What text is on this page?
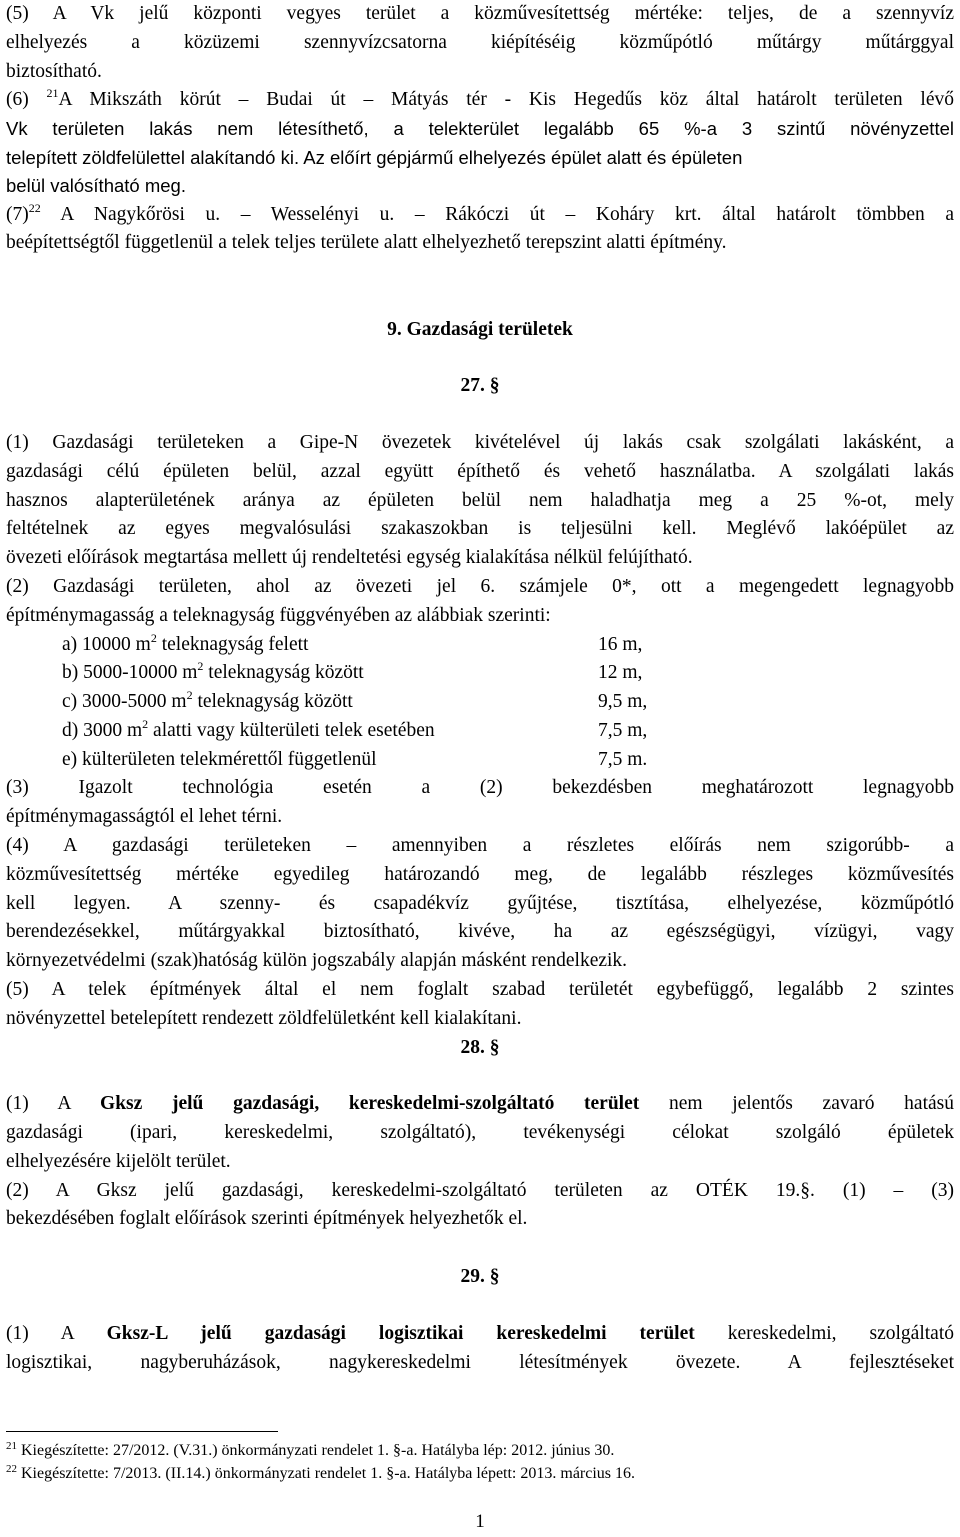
(5) A Vk jelű központi vegyes terület a közművesítettség mértéke: teljes, de a szennyvíz
elhelyezés a közüzemi szennyvízcsatorna kiépítéséig közműpótló műtárgy műtárggyal
biztosítható.
(6) $^{21}$A Mikszáth körút – Budai út – Mátyás tér - Kis Hegedűs köz által határolt területen lévő
Vk területen lakás nem létesíthető, a telekterület legalább 65 %-a 3 szintű növényzettel
telepített zöldfelülettel alakítandó ki. Az előírt gépjármű elhelyezés épület alatt és épületen
belül valósítható meg.
$(7)^{22}$ A Nagykőrösi u. – Wesselényi u. – Rákóczi út – Koháry krt. által határolt tömbben a
beépítettségtől függetlenül a telek teljes területe alatt elhelyezhető terepszint alatti építmény.
9. Gazdasági területek
27. §
(1) Gazdasági területeken a Gipe-N övezetek kivételével új lakás csak szolgálati lakásként, a
gazdasági célú épületen belül, azzal együtt építhető és vehető használatba. A szolgálati lakás
hasznos alapterületének aránya az épületen belül nem haladhatja meg a 25 %-ot, mely
feltételnek az egyes megvalósulási szakaszokban is teljesülni kell. Meglévő lakóépület az
övezeti előírások megtartása mellett új rendeltetési egység kialakítása nélkül felújítható.
(2) Gazdasági területen, ahol az övezeti jel 6. számjele 0*, ott a megengedett legnagyobb
építménymagasság a teleknagyság függvényében az alábbiak szerinti:
a) 10000 $m^2$ teleknagyság felett	16 m,
b) 5000-10000 $m^2$ teleknagyság között	12 m,
c) 3000-5000 $m^2$ teleknagyság között	9,5 m,
d) 3000 $m^2$ alatti vagy külterületi telek esetében	7,5 m,
e) külterületen telekmérettől függetlenül	7,5 m.
(3) Igazolt technológia esetén a (2) bekezdésben meghatározott legnagyobb
építménymagasságtól el lehet térni.
(4) A gazdasági területeken – amennyiben a részletes előírás nem szigorúbb- a
közművesítettség mértéke egyedileg határozandó meg, de legalább részleges közművesítés
kell legyen. A szenny- és csapadékvíz gyűjtése, tisztítása, elhelyezése, közműpótló
berendezésekkel, műtárgyakkal biztosítható, kivéve, ha az egészségügyi, vízügyi, vagy
környezetvédelmi (szak)hatóság külön jogszabály alapján másként rendelkezik.
(5) A telek építmények által el nem foglalt szabad területét egybefüggő, legalább 2 szintes
növényzettel betelepített rendezett zöldfelületként kell kialakítani.
28. §
(1) A Gksz jelű gazdasági, kereskedelmi-szolgáltató terület nem jelentős zavaró hatású
gazdasági (ipari, kereskedelmi, szolgáltató), tevékenységi célokat szolgáló épületek
elhelyezésére kijelölt terület.
(2) A Gksz jelű gazdasági, kereskedelmi-szolgáltató területen az OTÉK 19.§. (1) – (3)
bekezdésében foglalt előírások szerinti építmények helyezhetők el.
29. §
(1) A Gksz-L jelű gazdasági logisztikai kereskedelmi terület kereskedelmi, szolgáltató
logisztikai, nagyberuházások, nagykereskedelmi létesítmények övezete. A fejlesztéseket
$^{21}$ Kiegészítette: 27/2012. (V.31.) önkormányzati rendelet 1. §-a. Hatályba lép: 2012. június 30.
$^{22}$ Kiegészítette: 7/2013. (II.14.) önkormányzati rendelet 1. §-a. Hatályba lépett: 2013. március 16.
1
